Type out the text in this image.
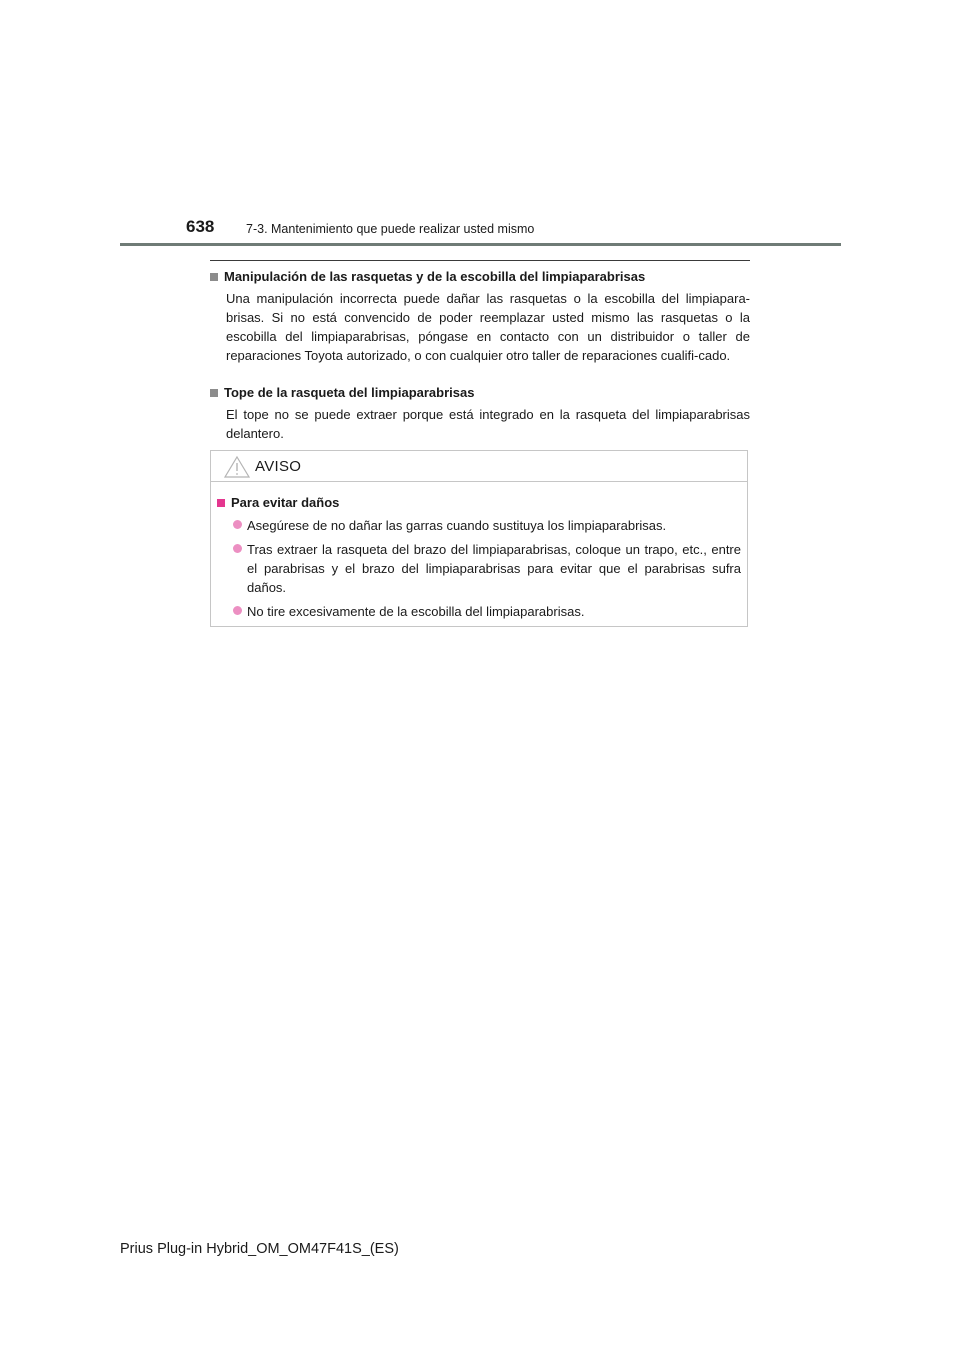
638	7-3. Mantenimiento que puede realizar usted mismo
Manipulación de las rasquetas y de la escobilla del limpiaparabrisas
Una manipulación incorrecta puede dañar las rasquetas o la escobilla del limpiapara-brisas. Si no está convencido de poder reemplazar usted mismo las rasquetas o la escobilla del limpiaparabrisas, póngase en contacto con un distribuidor o taller de reparaciones Toyota autorizado, o con cualquier otro taller de reparaciones cualifi-cado.
Tope de la rasqueta del limpiaparabrisas
El tope no se puede extraer porque está integrado en la rasqueta del limpiaparabrisas delantero.
AVISO
Para evitar daños
Asegúrese de no dañar las garras cuando sustituya los limpiaparabrisas.
Tras extraer la rasqueta del brazo del limpiaparabrisas, coloque un trapo, etc., entre el parabrisas y el brazo del limpiaparabrisas para evitar que el parabrisas sufra daños.
No tire excesivamente de la escobilla del limpiaparabrisas.
Prius Plug-in Hybrid_OM_OM47F41S_(ES)
